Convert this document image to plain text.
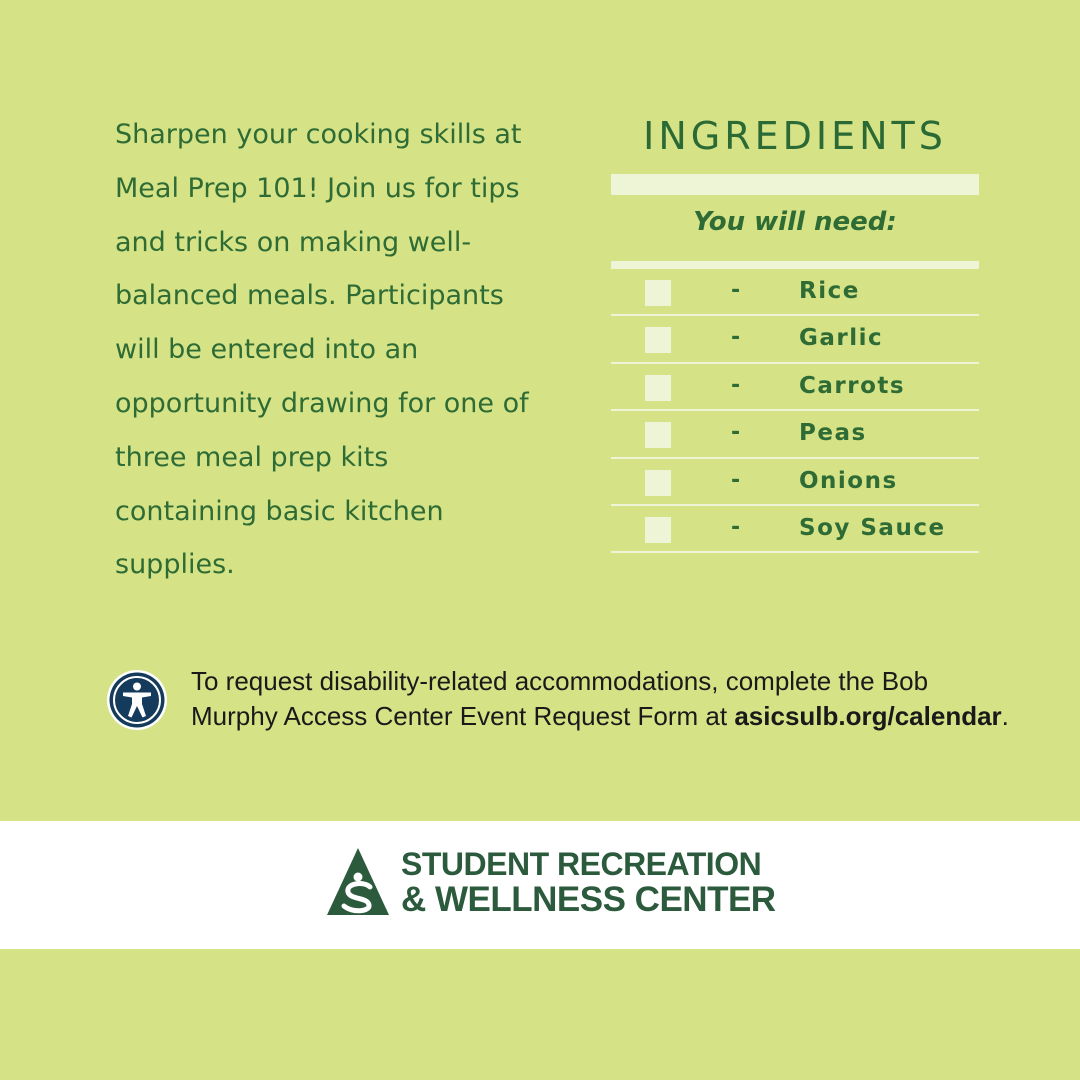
Sharpen your cooking skills at Meal Prep 101! Join us for tips and tricks on making well-balanced meals. Participants will be entered into an opportunity drawing for one of three meal prep kits containing basic kitchen supplies.

INGREDIENTS
You will need:
-	Rice
-	Garlic
-	Carrots
-	Peas
-	Onions
-	Soy Sauce

To request disability-related accommodations, complete the Bob Murphy Access Center Event Request Form at asicsulb.org/calendar.

STUDENT RECREATION
& WELLNESS CENTER
